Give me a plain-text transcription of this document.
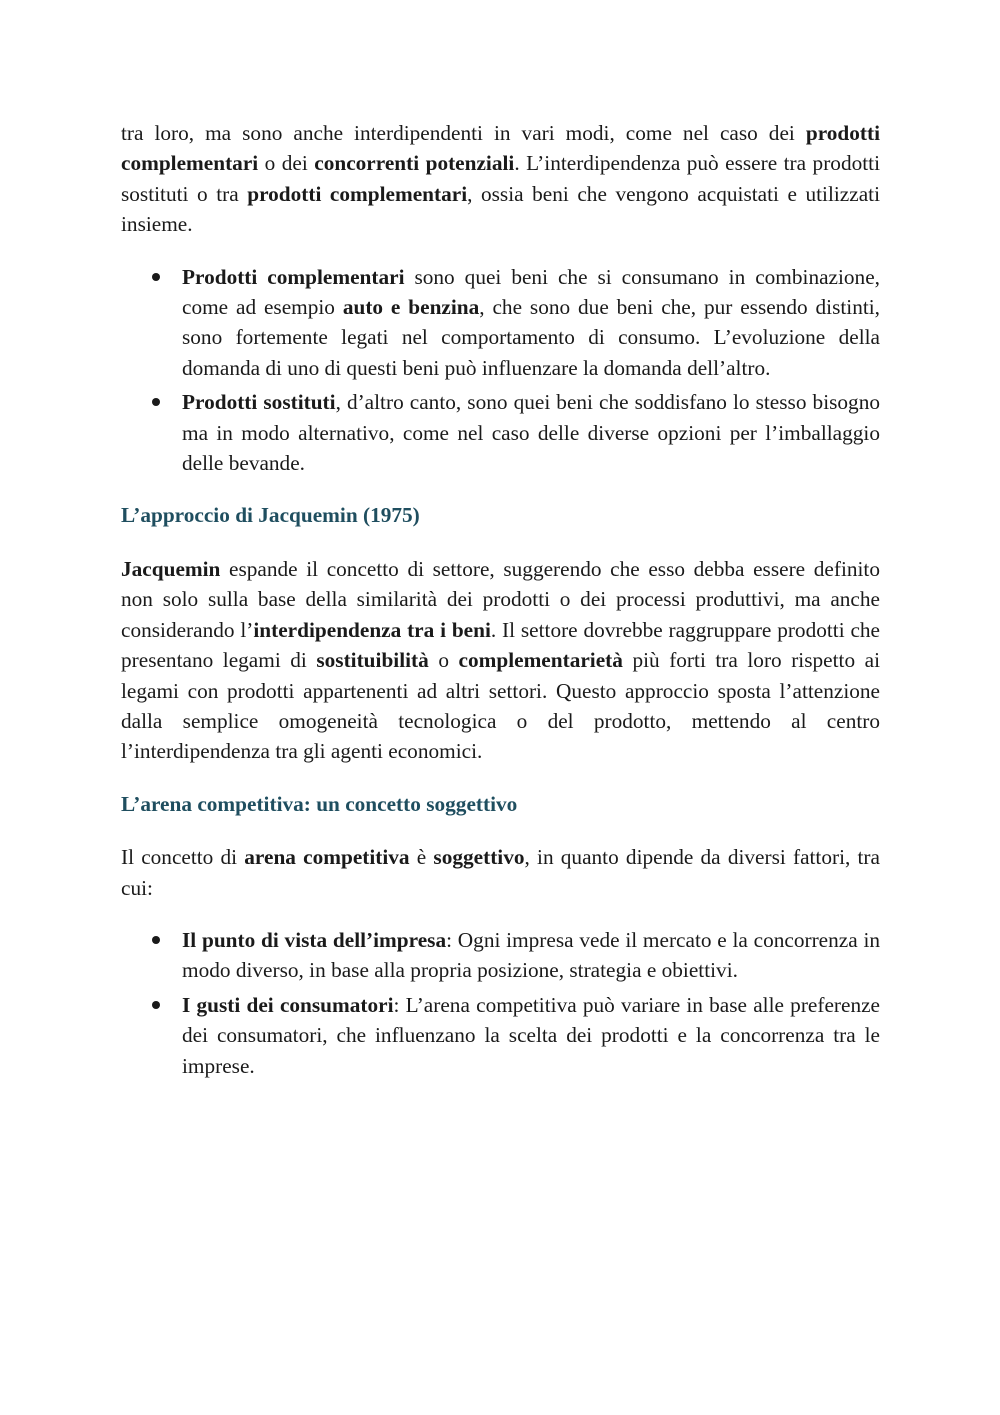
tra loro, ma sono anche interdipendenti in vari modi, come nel caso dei prodotti complementari o dei concorrenti potenziali. L’interdipendenza può essere tra prodotti sostituti o tra prodotti complementari, ossia beni che vengono acquistati e utilizzati insieme.

Prodotti complementari sono quei beni che si consumano in combinazione, come ad esempio auto e benzina, che sono due beni che, pur essendo distinti, sono fortemente legati nel comportamento di consumo. L’evoluzione della domanda di uno di questi beni può influenzare la domanda dell’altro.
Prodotti sostituti, d’altro canto, sono quei beni che soddisfano lo stesso bisogno ma in modo alternativo, come nel caso delle diverse opzioni per l’imballaggio delle bevande.
L’approccio di Jacquemin (1975)

Jacquemin espande il concetto di settore, suggerendo che esso debba essere definito non solo sulla base della similarità dei prodotti o dei processi produttivi, ma anche considerando l’interdipendenza tra i beni. Il settore dovrebbe raggruppare prodotti che presentano legami di sostituibilità o complementarietà più forti tra loro rispetto ai legami con prodotti appartenenti ad altri settori. Questo approccio sposta l’attenzione dalla semplice omogeneità tecnologica o del prodotto, mettendo al centro l’interdipendenza tra gli agenti economici.

L’arena competitiva: un concetto soggettivo

Il concetto di arena competitiva è soggettivo, in quanto dipende da diversi fattori, tra cui:

Il punto di vista dell’impresa: Ogni impresa vede il mercato e la concorrenza in modo diverso, in base alla propria posizione, strategia e obiettivi.
I gusti dei consumatori: L’arena competitiva può variare in base alle preferenze dei consumatori, che influenzano la scelta dei prodotti e la concorrenza tra le imprese.
